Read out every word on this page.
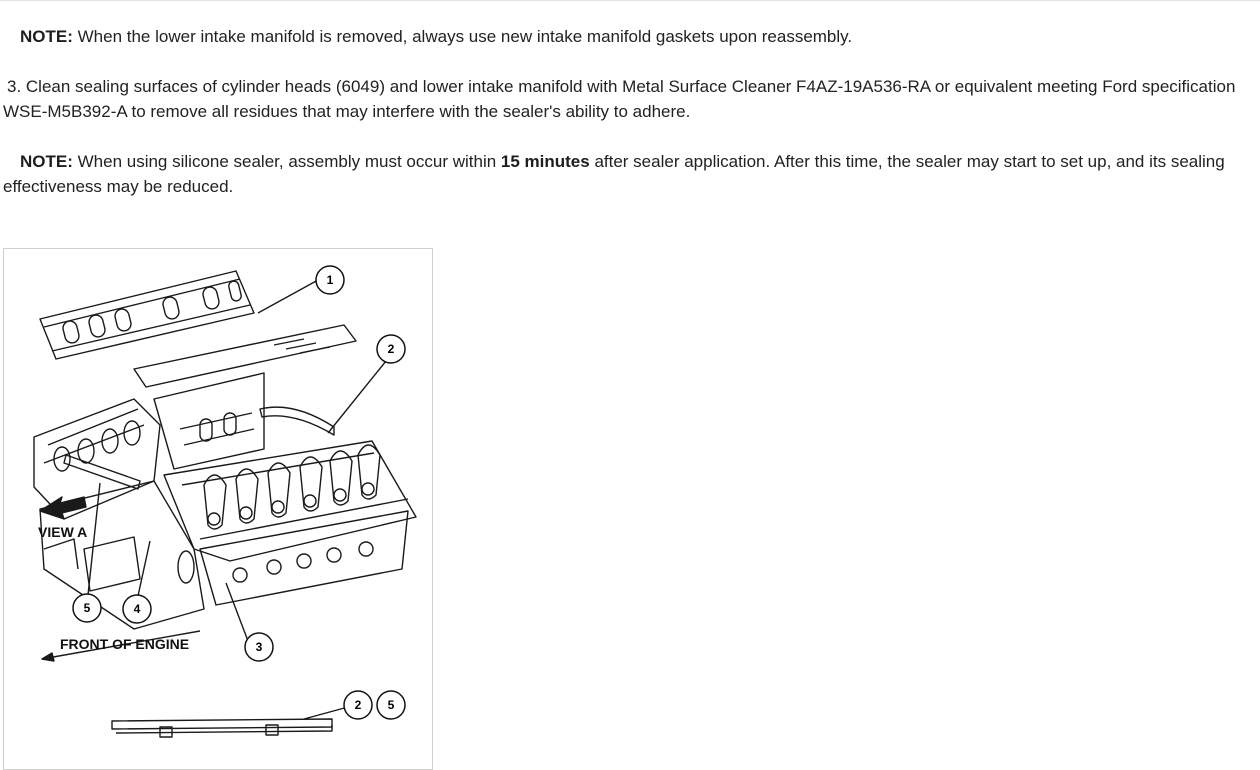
NOTE: When the lower intake manifold is removed, always use new intake manifold gaskets upon reassembly.

3. Clean sealing surfaces of cylinder heads (6049) and lower intake manifold with Metal Surface Cleaner F4AZ-19A536-RA or equivalent meeting Ford specification WSE-M5B392-A to remove all residues that may interfere with the sealer's ability to adhere.

NOTE: When using silicone sealer, assembly must occur within 15 minutes after sealer application. After this time, the sealer may start to set up, and its sealing effectiveness may be reduced.

1
2
3
4
5
2 5
VIEW A
FRONT OF ENGINE
